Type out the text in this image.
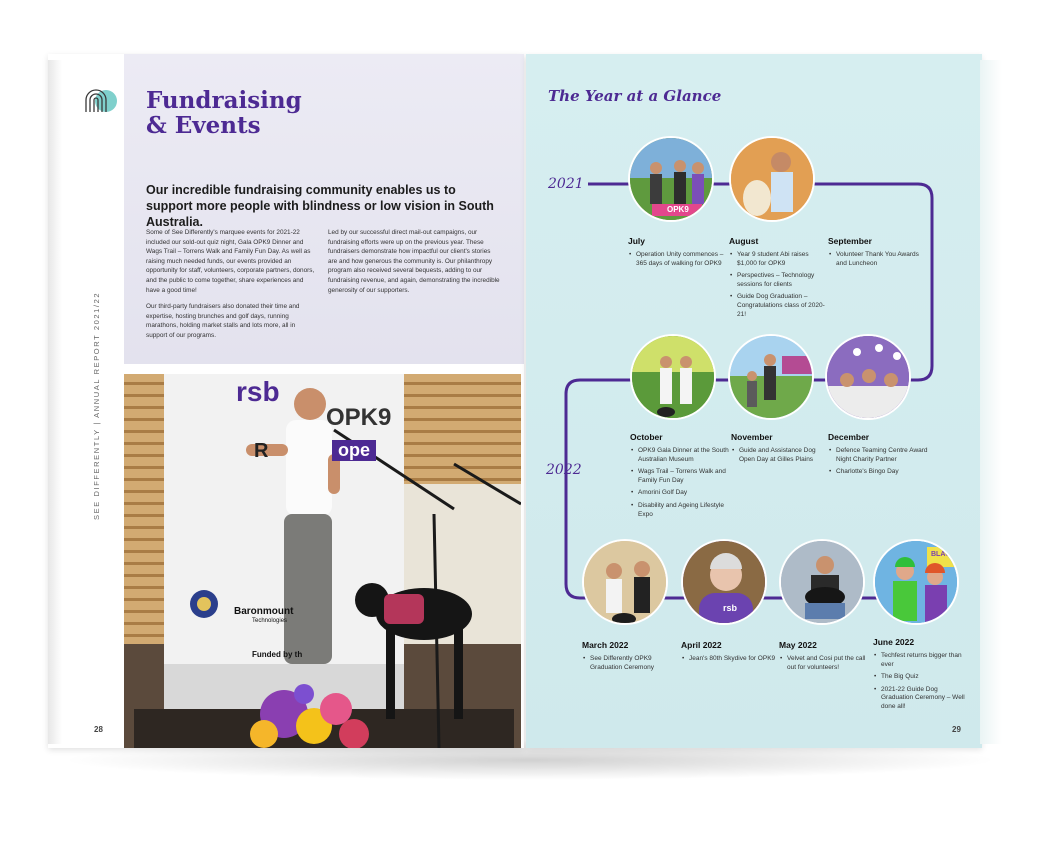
SEE DIFFERENTLY | ANNUAL REPORT 2021/22
Fundraising
& Events

Our incredible fundraising community enables us to support more people with blindness or low vision in South Australia.

Some of See Differently's marquee events for 2021-22 included our sold-out quiz night, Gala OPK9 Dinner and Wags Trail – Torrens Walk and Family Fun Day. As well as raising much needed funds, our events provided an opportunity for staff, volunteers, corporate partners, donors, and the public to come together, share experiences and have a good time!

Our third-party fundraisers also donated their time and expertise, hosting brunches and golf days, running marathons, holding market stalls and lots more, all in support of our programs.

Led by our successful direct mail-out campaigns, our fundraising efforts were up on the previous year. These fundraisers demonstrate how impactful our client's stories are and how generous the community is. Our philanthropy program also received several bequests, adding to our fundraising revenue, and again, demonstrating the incredible generosity of our supporters.

rsb
OPK9
R	ope
Baronmount
Technologies
Funded by th
28
The Year at a Glance
2021
2022
OPK9
rsb
BLACK
July
• Operation Unity commences – 365 days of walking for OPK9
August
• Year 9 student Abi raises $1,000 for OPK9
• Perspectives – Technology sessions for clients
• Guide Dog Graduation – Congratulations class of 2020-21!
September
• Volunteer Thank You Awards and Luncheon
October
• OPK9 Gala Dinner at the South Australian Museum
• Wags Trail – Torrens Walk and Family Fun Day
• Amorini Golf Day
• Disability and Ageing Lifestyle Expo
November
• Guide and Assistance Dog Open Day at Gilles Plains
December
• Defence Teaming Centre Award Night Charity Partner
• Charlotte's Bingo Day
March 2022
• See Differently OPK9 Graduation Ceremony
April 2022
• Jean's 80th Skydive for OPK9
May 2022
• Velvet and Cosi put the call out for volunteers!
June 2022
• Techfest returns bigger than ever
• The Big Quiz
• 2021-22 Guide Dog Graduation Ceremony – Well done all!
29
